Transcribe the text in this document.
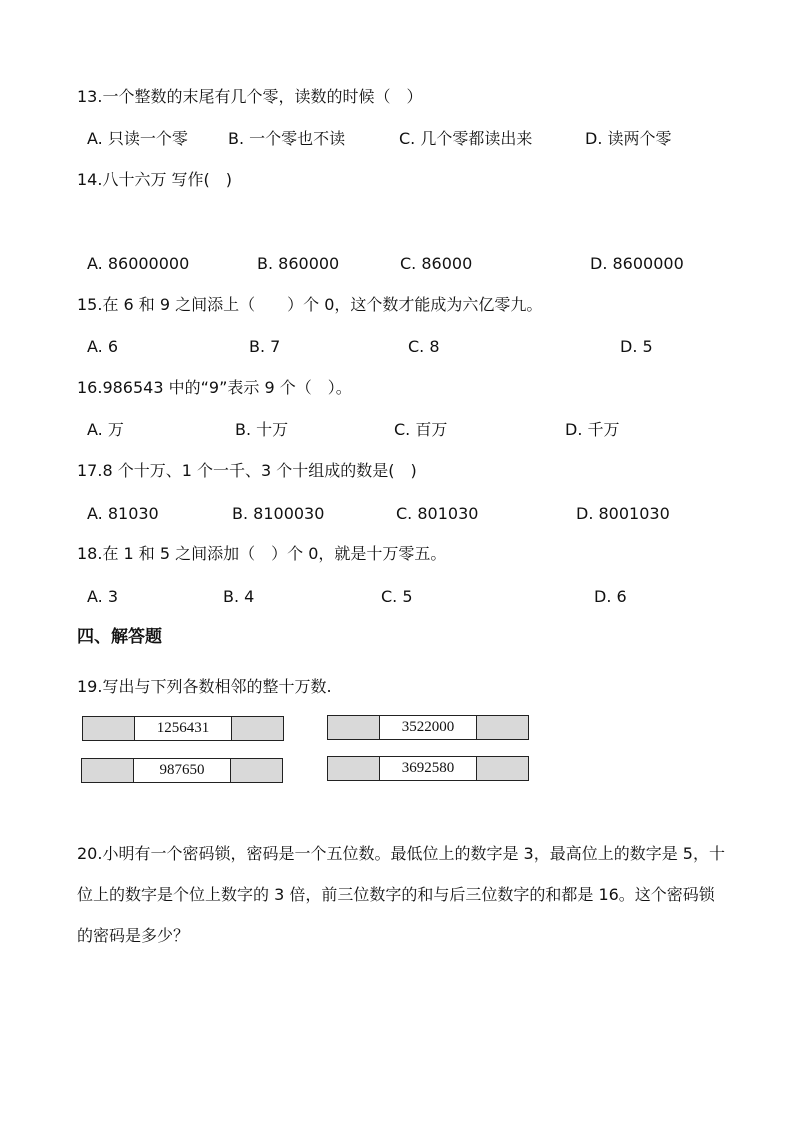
13.一个整数的末尾有几个零，读数的时候（　）
A. 只读一个零	B. 一个零也不读	C. 几个零都读出来	D. 读两个零
14.八十六万 写作(　)
A. 86000000	B. 860000	C. 86000	D. 8600000
15.在 6 和 9 之间添上（　　）个 0，这个数才能成为六亿零九。
A. 6	B. 7	C. 8	D. 5
16.986543 中的“9”表示 9 个（　）。
A. 万	B. 十万	C. 百万	D. 千万
17.8 个十万、1 个一千、3 个十组成的数是(　)
A. 81030	B. 8100030	C. 801030	D. 8001030
18.在 1 和 5 之间添加（　）个 0，就是十万零五。
A. 3	B. 4	C. 5	D. 6
四、解答题
19.写出与下列各数相邻的整十万数.
1256431	3522000
987650	3692580
20.小明有一个密码锁，密码是一个五位数。最低位上的数字是 3，最高位上的数字是 5，十位上的数字是个位上数字的 3 倍，前三位数字的和与后三位数字的和都是 16。这个密码锁的密码是多少？
